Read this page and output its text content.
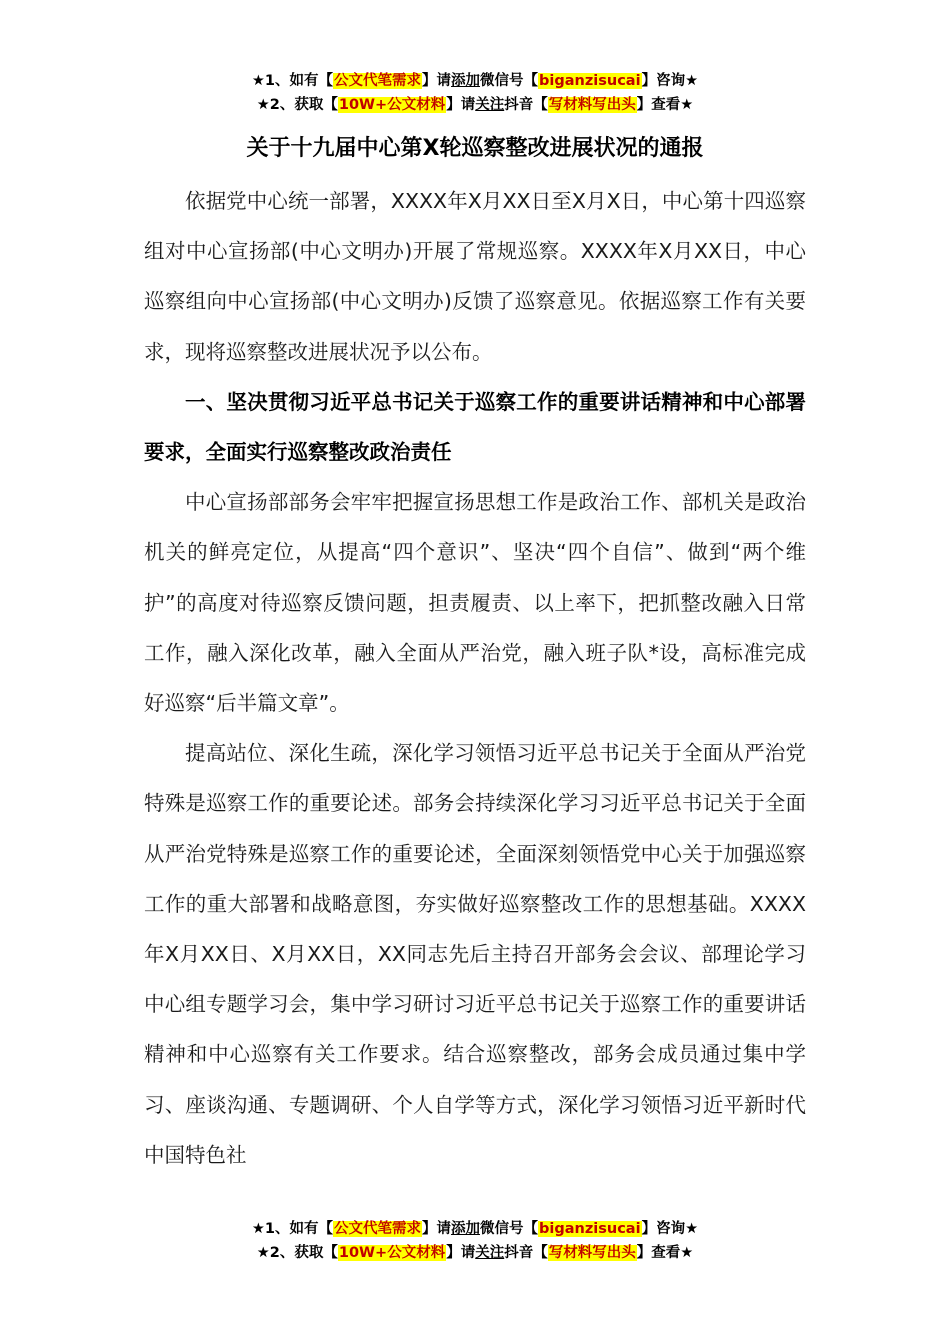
★1、如有【公文代笔需求】请添加微信号【biganzisucai】咨询★
★2、获取【10W+公文材料】请关注抖音【写材料写出头】查看★
关于十九届中心第X轮巡察整改进展状况的通报

依据党中心统一部署，XXXX年X月XX日至X月X日，中心第十四巡察组对中心宣扬部(中心文明办)开展了常规巡察。XXXX年X月XX日，中心巡察组向中心宣扬部(中心文明办)反馈了巡察意见。依据巡察工作有关要求，现将巡察整改进展状况予以公布。

一、坚决贯彻习近平总书记关于巡察工作的重要讲话精神和中心部署要求，全面实行巡察整改政治责任

中心宣扬部部务会牢牢把握宣扬思想工作是政治工作、部机关是政治机关的鲜亮定位，从提高“四个意识”、坚决“四个自信”、做到“两个维护”的高度对待巡察反馈问题，担责履责、以上率下，把抓整改融入日常工作，融入深化改革，融入全面从严治党，融入班子队*设，高标准完成好巡察“后半篇文章”。

提高站位、深化生疏，深化学习领悟习近平总书记关于全面从严治党特殊是巡察工作的重要论述。部务会持续深化学习习近平总书记关于全面从严治党特殊是巡察工作的重要论述，全面深刻领悟党中心关于加强巡察工作的重大部署和战略意图，夯实做好巡察整改工作的思想基础。XXXX年X月XX日、X月XX日，XX同志先后主持召开部务会会议、部理论学习中心组专题学习会，集中学习研讨习近平总书记关于巡察工作的重要讲话精神和中心巡察有关工作要求。结合巡察整改，部务会成员通过集中学习、座谈沟通、专题调研、个人自学等方式，深化学习领悟习近平新时代中国特色社

★1、如有【公文代笔需求】请添加微信号【biganzisucai】咨询★
★2、获取【10W+公文材料】请关注抖音【写材料写出头】查看★
